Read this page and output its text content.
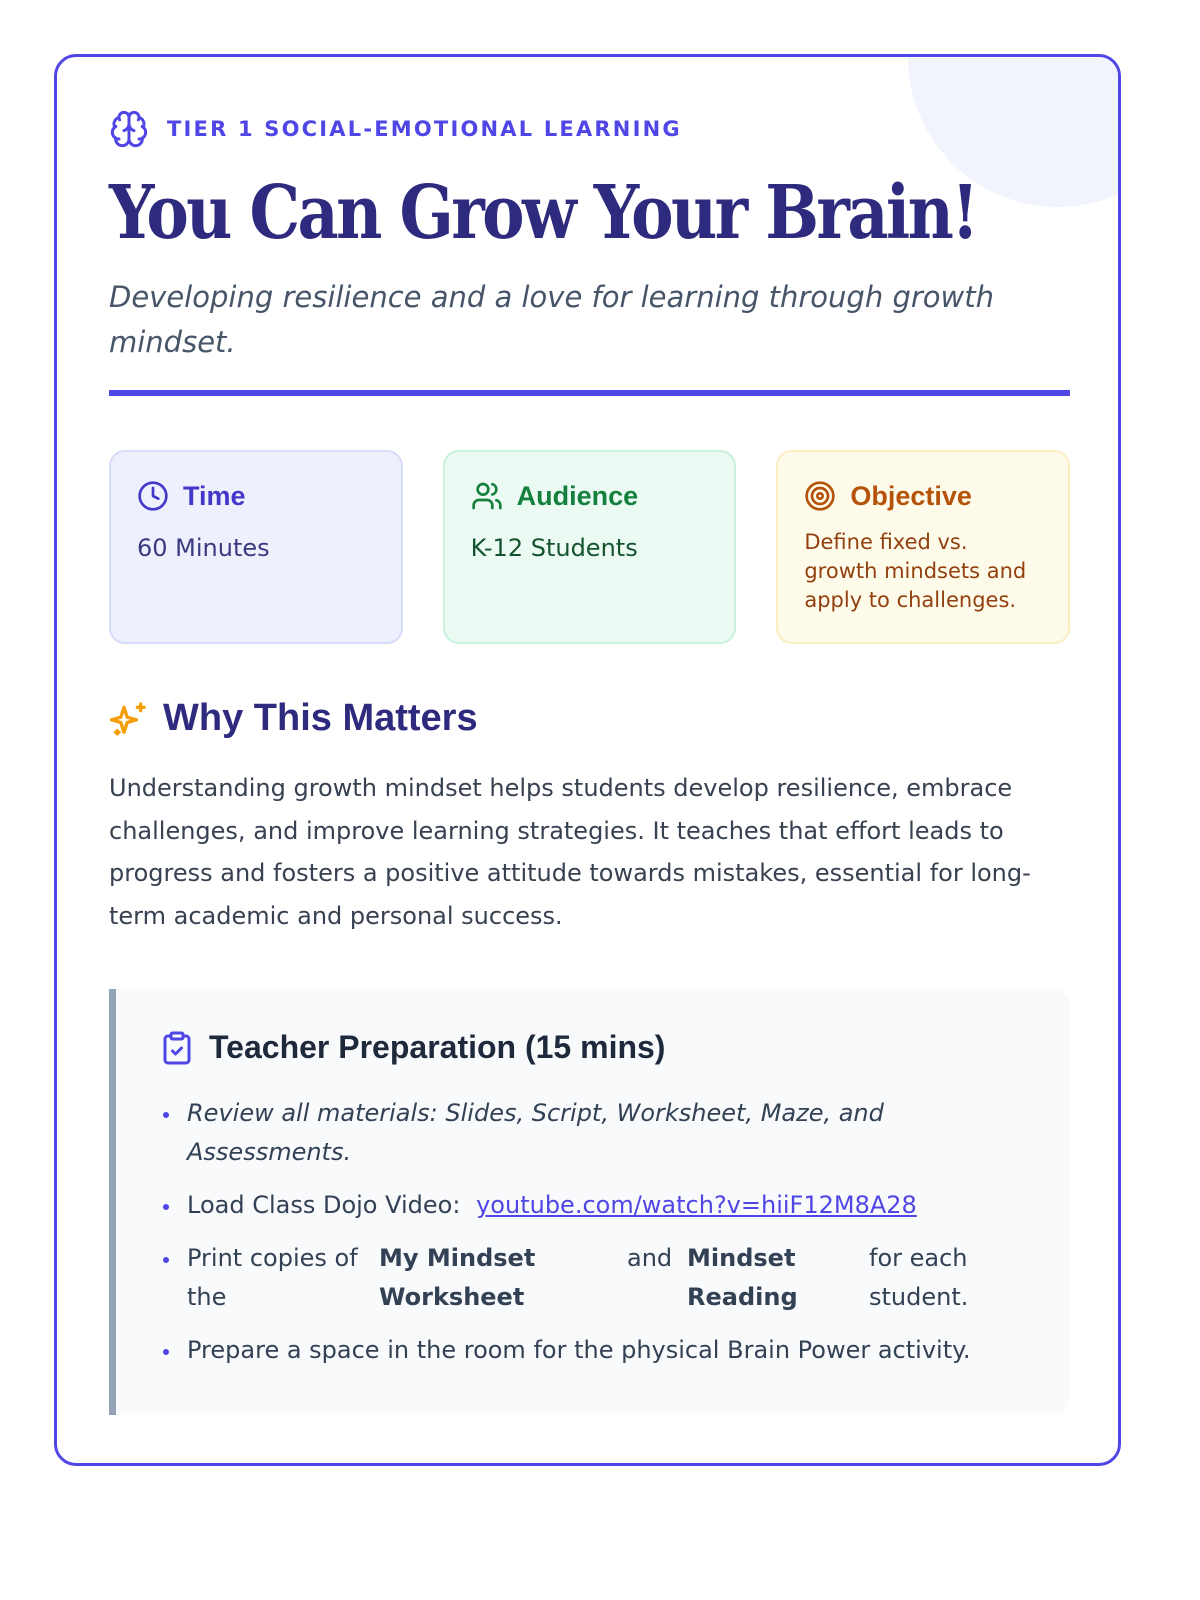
TIER 1 SOCIAL-EMOTIONAL LEARNING
You Can Grow Your Brain!

Developing resilience and a love for learning through growth mindset.

Time
60 Minutes
Audience
K-12 Students
Objective
Define fixed vs. growth mindsets and apply to challenges.
Why This Matters

Understanding growth mindset helps students develop resilience, embrace challenges, and improve learning strategies. It teaches that effort leads to progress and fosters a positive attitude towards mistakes, essential for long-term academic and personal success.

Teacher Preparation (15 mins)
Review all materials: Slides, Script, Worksheet, Maze, and Assessments.
Load Class Dojo Video: youtube.com/watch?v=hiiF12M8A28
Print copies of the
My Mindset Worksheet
and Mindset Reading
for each student.
Prepare a space in the room for the physical Brain Power activity.
